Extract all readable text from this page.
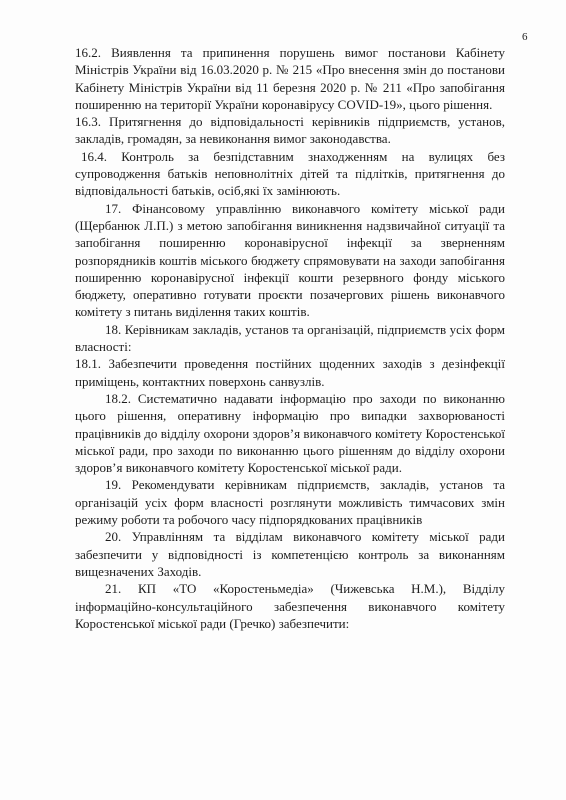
6

16.2. Виявлення та припинення порушень вимог постанови Кабінету Міністрів України від 16.03.2020 р. № 215 «Про внесення змін до постанови Кабінету Міністрів України від 11 березня 2020 р. № 211 «Про запобігання поширенню на території України коронавірусу COVID-19», цього рішення.

16.3. Притягнення до відповідальності керівників підприємств, установ, закладів, громадян, за невиконання вимог законодавства.

16.4. Контроль за безпідставним знаходженням на вулицях без супроводження батьків неповнолітніх дітей та підлітків, притягнення до відповідальності батьків, осіб,які їх замінюють.

17. Фінансовому управлінню виконавчого комітету міської ради (Щербанюк Л.П.) з метою запобігання виникнення надзвичайної ситуації та запобігання поширенню коронавірусної інфекції за зверненням розпорядників коштів міського бюджету спрямовувати на заходи запобігання поширенню коронавірусної інфекції кошти резервного фонду міського бюджету, оперативно готувати проєкти позачергових рішень виконавчого комітету з питань виділення таких коштів.

18. Керівникам закладів, установ та організацій, підприємств усіх форм власності:

18.1. Забезпечити проведення постійних щоденних заходів з дезінфекції приміщень, контактних поверхонь санвузлів.

18.2. Систематично надавати інформацію про заходи по виконанню цього рішення, оперативну інформацію про випадки захворюваності працівників до відділу охорони здоров’я виконавчого комітету Коростенської міської ради, про заходи по виконанню цього рішенням до відділу охорони здоров’я виконавчого комітету Коростенської міської ради.

19. Рекомендувати керівникам підприємств, закладів, установ та організацій усіх форм власності розглянути можливість тимчасових змін режиму роботи та робочого часу підпорядкованих працівників

20. Управлінням та відділам виконавчого комітету міської ради забезпечити у відповідності із компетенцією контроль за виконанням вищезначених Заходів.

21. КП «ТО «Коростеньмедіа» (Чижевська Н.М.), Відділу інформаційно-консультаційного забезпечення виконавчого комітету Коростенської міської ради (Гречко) забезпечити:
